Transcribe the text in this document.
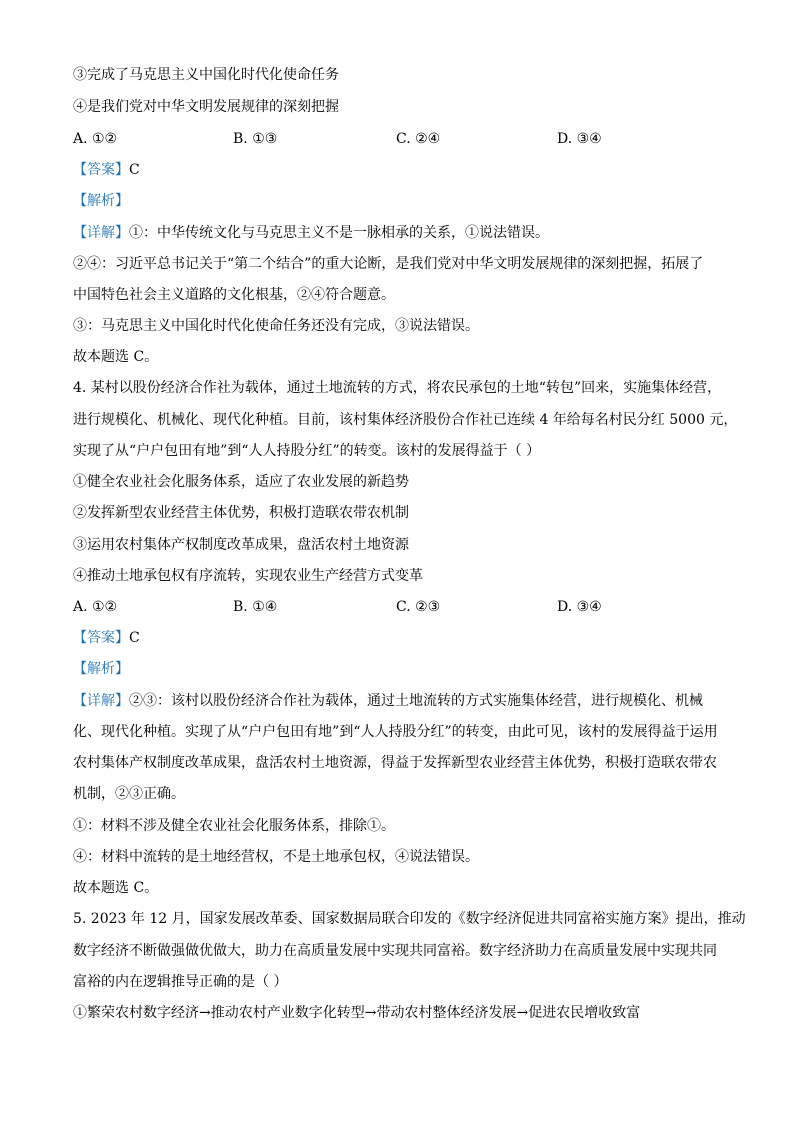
③完成了马克思主义中国化时代化使命任务
④是我们党对中华文明发展规律的深刻把握
A. ①②	B. ①③	C. ②④	D. ③④
【答案】C
【解析】
【详解】①：中华传统文化与马克思主义不是一脉相承的关系，①说法错误。
②④：习近平总书记关于“第二个结合”的重大论断，是我们党对中华文明发展规律的深刻把握，拓展了
中国特色社会主义道路的文化根基，②④符合题意。
③：马克思主义中国化时代化使命任务还没有完成，③说法错误。
故本题选 C。
4. 某村以股份经济合作社为载体，通过土地流转的方式，将农民承包的土地“转包”回来，实施集体经营，
进行规模化、机械化、现代化种植。目前，该村集体经济股份合作社已连续 4 年给每名村民分红 5000 元，
实现了从“户户包田有地”到“人人持股分红”的转变。该村的发展得益于（ ）
①健全农业社会化服务体系，适应了农业发展的新趋势
②发挥新型农业经营主体优势，积极打造联农带农机制
③运用农村集体产权制度改革成果，盘活农村土地资源
④推动土地承包权有序流转，实现农业生产经营方式变革
A. ①②	B. ①④	C. ②③	D. ③④
【答案】C
【解析】
【详解】②③：该村以股份经济合作社为载体，通过土地流转的方式实施集体经营，进行规模化、机械
化、现代化种植。实现了从“户户包田有地”到“人人持股分红”的转变，由此可见，该村的发展得益于运用
农村集体产权制度改革成果，盘活农村土地资源，得益于发挥新型农业经营主体优势，积极打造联农带农
机制，②③正确。
①：材料不涉及健全农业社会化服务体系，排除①。
④：材料中流转的是土地经营权，不是土地承包权，④说法错误。
故本题选 C。
5. 2023 年 12 月，国家发展改革委、国家数据局联合印发的《数字经济促进共同富裕实施方案》提出，推动
数字经济不断做强做优做大，助力在高质量发展中实现共同富裕。数字经济助力在高质量发展中实现共同
富裕的内在逻辑推导正确的是（ ）
①繁荣农村数字经济→推动农村产业数字化转型→带动农村整体经济发展→促进农民增收致富
